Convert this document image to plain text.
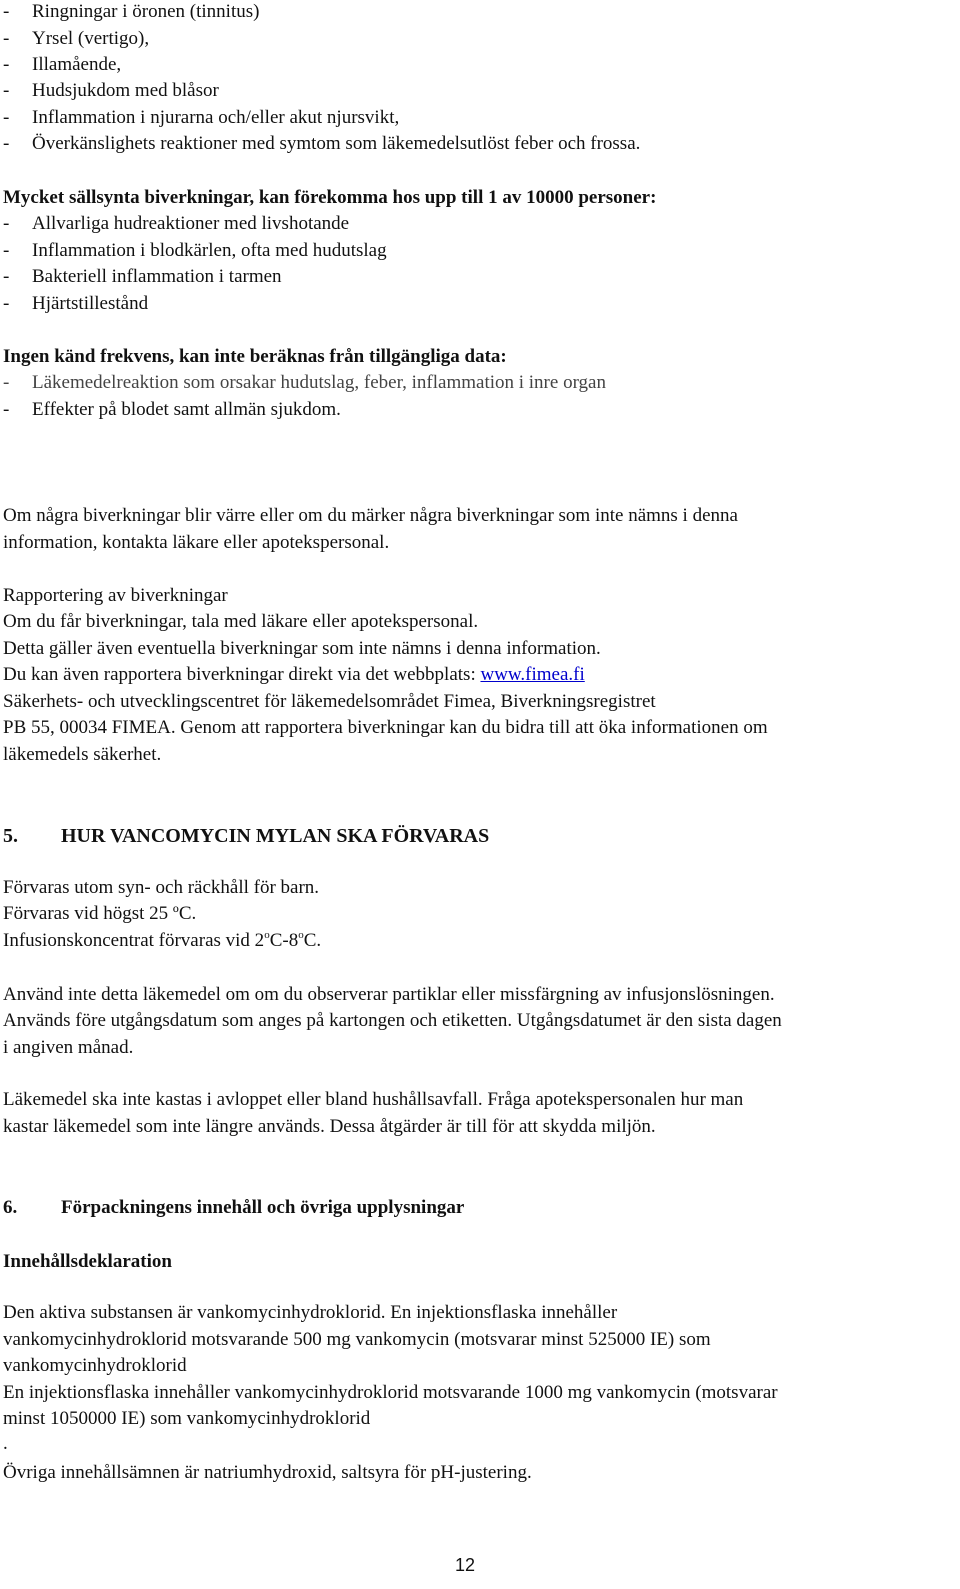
- Ringningar i öronen (tinnitus)
- Yrsel (vertigo),
- Illamående,
- Hudsjukdom med blåsor
- Inflammation i njurarna och/eller akut njursvikt,
- Överkänslighets reaktioner med symtom som läkemedelsutlöst feber och frossa.
Mycket sällsynta biverkningar, kan förekomma hos upp till 1 av 10000 personer:
- Allvarliga hudreaktioner med livshotande
- Inflammation i blodkärlen, ofta med hudutslag
- Bakteriell inflammation i tarmen
- Hjärtstillestånd
Ingen känd frekvens, kan inte beräknas från tillgängliga data:
- Läkemedelreaktion som orsakar hudutslag, feber, inflammation i inre organ
- Effekter på blodet samt allmän sjukdom.
Om några biverkningar blir värre eller om du märker några biverkningar som inte nämns i denna
information, kontakta läkare eller apotekspersonal.
Rapportering av biverkningar
Om du får biverkningar, tala med läkare eller apotekspersonal.
Detta gäller även eventuella biverkningar som inte nämns i denna information.
Du kan även rapportera biverkningar direkt via det webbplats: www.fimea.fi
Säkerhets- och utvecklingscentret för läkemedelsområdet Fimea, Biverkningsregistret
PB 55, 00034 FIMEA. Genom att rapportera biverkningar kan du bidra till att öka informationen om
läkemedels säkerhet.
5. HUR VANCOMYCIN MYLAN SKA FÖRVARAS
Förvaras utom syn- och räckhåll för barn.
Förvaras vid högst 25 ºC.
Infusionskoncentrat förvaras vid 2$^o$C-8$^o$C.
Använd inte detta läkemedel om om du observerar partiklar eller missfärgning av infusjonslösningen.
Används före utgångsdatum som anges på kartongen och etiketten. Utgångsdatumet är den sista dagen
i angiven månad.
Läkemedel ska inte kastas i avloppet eller bland hushållsavfall. Fråga apotekspersonalen hur man
kastar läkemedel som inte längre används. Dessa åtgärder är till för att skydda miljön.
6. Förpackningens innehåll och övriga upplysningar
Innehållsdeklaration
Den aktiva substansen är vankomycinhydroklorid. En injektionsflaska innehåller
vankomycinhydroklorid motsvarande 500 mg vankomycin (motsvarar minst 525000 IE) som
vankomycinhydroklorid
En injektionsflaska innehåller vankomycinhydroklorid motsvarande 1000 mg vankomycin (motsvarar
minst 1050000 IE) som vankomycinhydroklorid
.
Övriga innehållsämnen är natriumhydroxid, saltsyra för pH-justering.
12
